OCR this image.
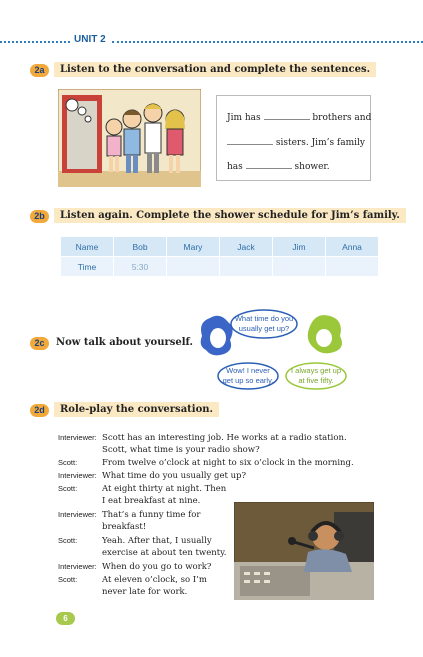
UNIT 2
2a	Listen to the conversation and complete the sentences.
Jim has	brothers and
sisters. Jim’s family
has	shower.
2b	Listen again. Complete the shower schedule for Jim’s family.
Name	Bob	Mary	Jack	Jim	Anna
Time	5:30				
2c	Now talk about yourself.
What time do you
usually get up?
Wow! I never
get up so early.
I always get up
at five fifty.
2d	Role-play the conversation.
Interviewer: Scott has an interesting job. He works at a radio station.
Scott, what time is your radio show?
Scott:	From twelve o’clock at night to six o’clock in the morning.
Interviewer: What time do you usually get up?
Scott:	At eight thirty at night. Then
I eat breakfast at nine.
Interviewer: That’s a funny time for
breakfast!
Scott:	Yeah. After that, I usually
exercise at about ten twenty.
Interviewer: When do you go to work?
Scott:	At eleven o’clock, so I’m
never late for work.
6
